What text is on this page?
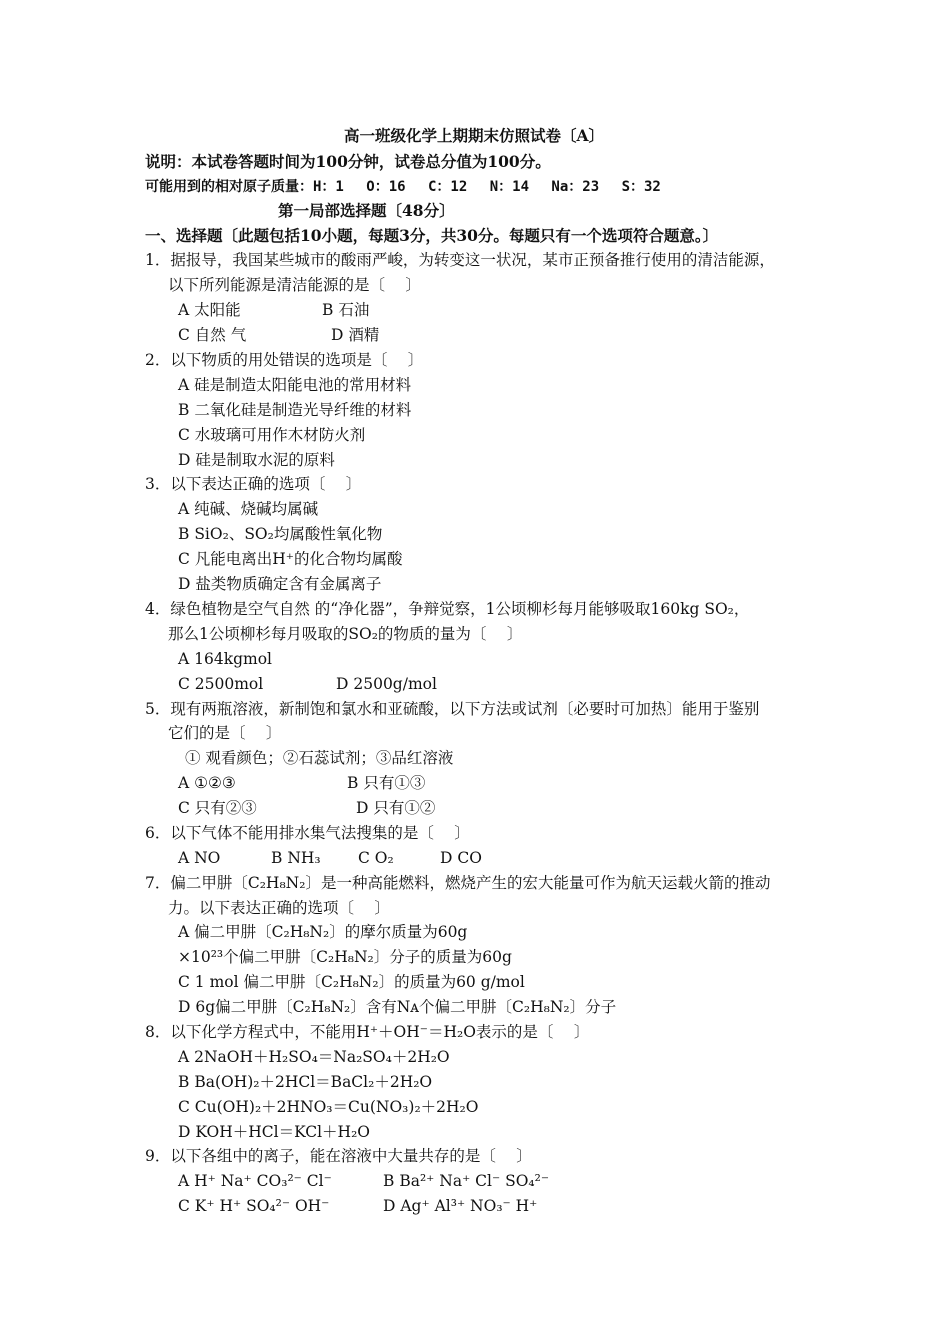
高一班级化学上期期末仿照试卷〔A〕
说明：本试卷答题时间为100分钟，试卷总分值为100分。
可能用到的相对原子质量：H：1　 O：16　 C：12　 N：14　 Na：23　 S：32
第一局部选择题〔48分〕
一、选择题〔此题包括10小题，每题3分，共30分。每题只有一个选项符合题意。〕
1．据报导，我国某些城市的酸雨严峻，为转变这一状况，某市正预备推行使用的清洁能源，
以下所列能源是清洁能源的是〔　 〕
A 太阳能	B 石油
C 自然 气	D 酒精
2．以下物质的用处错误的选项是〔　 〕
A 硅是制造太阳能电池的常用材料
B 二氧化硅是制造光导纤维的材料
C 水玻璃可用作木材防火剂
D 硅是制取水泥的原料
3．以下表达正确的选项〔　 〕
A 纯碱、烧碱均属碱
B SiO₂、SO₂均属酸性氧化物
C 凡能电离出H⁺的化合物均属酸
D 盐类物质确定含有金属离子
4．绿色植物是空气自然 的“净化器”，争辩觉察，1公顷柳杉每月能够吸取160kg SO₂，
那么1公顷柳杉每月吸取的SO₂的物质的量为〔　 〕
A 164kgmol
C 2500mol	D 2500g/mol
5．现有两瓶溶液，新制饱和氯水和亚硫酸，以下方法或试剂〔必要时可加热〕能用于鉴别
它们的是〔　 〕
① 观看颜色；②石蕊试剂；③品红溶液
A ①②③	B 只有①③
C 只有②③	D 只有①②
6．以下气体不能用排水集气法搜集的是〔　 〕
A NO	B NH₃ C O₂	D CO
7．偏二甲肼〔C₂H₈N₂〕是一种高能燃料，燃烧产生的宏大能量可作为航天运载火箭的推动
力。以下表达正确的选项〔　 〕
A 偏二甲肼〔C₂H₈N₂〕的摩尔质量为60g
×10²³个偏二甲肼〔C₂H₈N₂〕分子的质量为60g
C 1 mol 偏二甲肼〔C₂H₈N₂〕的质量为60 g/mol
D 6g偏二甲肼〔C₂H₈N₂〕含有Nᴀ个偏二甲肼〔C₂H₈N₂〕分子
8．以下化学方程式中，不能用H⁺＋OH⁻＝H₂O表示的是〔　 〕
A 2NaOH＋H₂SO₄＝Na₂SO₄＋2H₂O
B Ba(OH)₂＋2HCl＝BaCl₂＋2H₂O
C Cu(OH)₂＋2HNO₃＝Cu(NO₃)₂＋2H₂O
D KOH＋HCl＝KCl＋H₂O
9．以下各组中的离子，能在溶液中大量共存的是〔　 〕
A H⁺ Na⁺ CO₃²⁻ Cl⁻	B Ba²⁺ Na⁺ Cl⁻ SO₄²⁻
C K⁺ H⁺ SO₄²⁻ OH⁻	D Ag⁺ Al³⁺ NO₃⁻ H⁺
